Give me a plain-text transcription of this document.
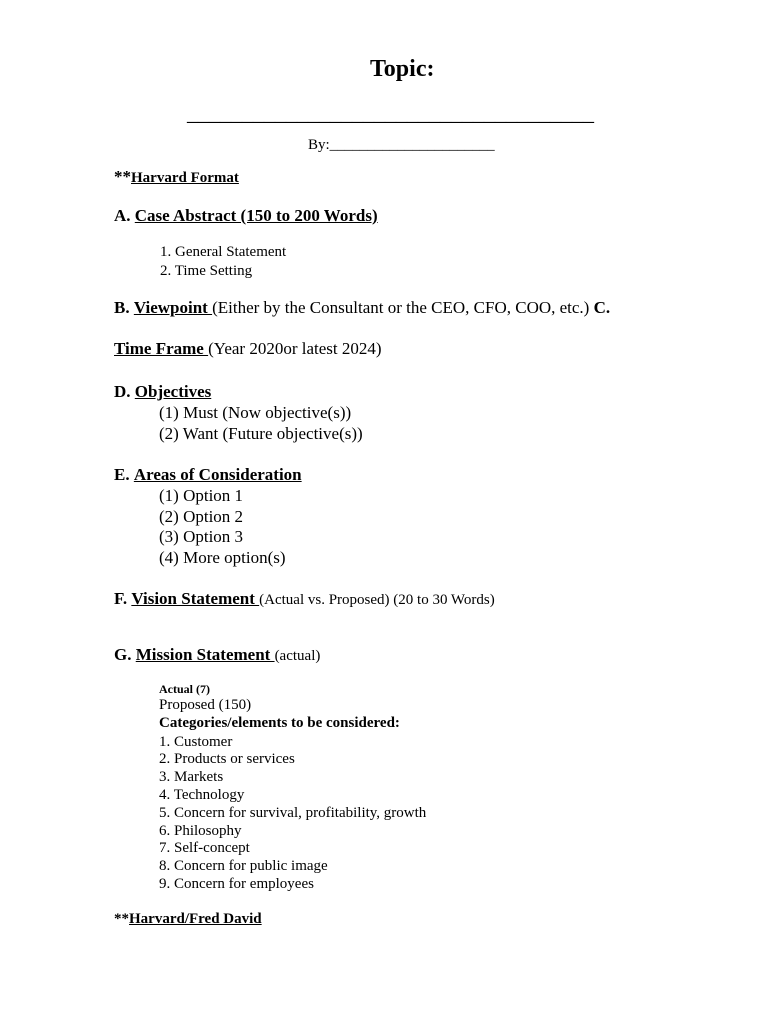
Topic:
_____________________________________
By:______________________
**Harvard Format
A. Case Abstract (150 to 200 Words)
1. General Statement
2. Time Setting
B. Viewpoint (Either by the Consultant or the CEO, CFO, COO, etc.) C.
Time Frame (Year 2020or latest 2024)
D. Objectives
(1) Must (Now objective(s))
(2) Want (Future objective(s))
E. Areas of Consideration
(1) Option 1
(2) Option 2
(3) Option 3
(4) More option(s)
F. Vision Statement (Actual vs. Proposed) (20 to 30 Words)
G. Mission Statement (actual)
Actual (7)
Proposed (150)
Categories/elements to be considered:
1. Customer
2. Products or services
3. Markets
4. Technology
5. Concern for survival, profitability, growth
6. Philosophy
7. Self-concept
8. Concern for public image
9. Concern for employees
**Harvard/Fred David
